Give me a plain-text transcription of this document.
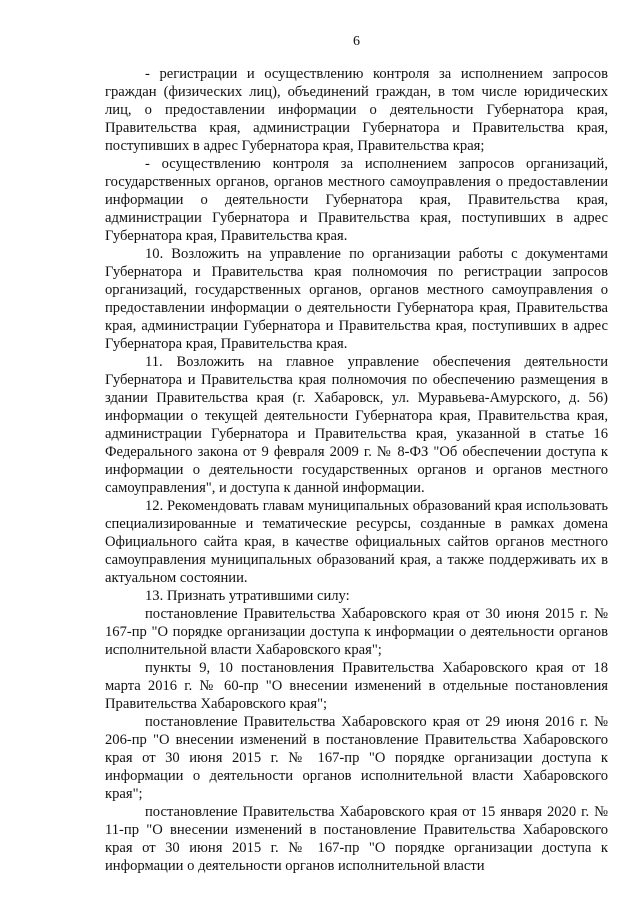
6

- регистрации и осуществлению контроля за исполнением запросов граждан (физических лиц), объединений граждан, в том числе юридических лиц, о предоставлении информации о деятельности Губернатора края, Правительства края, администрации Губернатора и Правительства края, поступивших в адрес Губернатора края, Правительства края;

- осуществлению контроля за исполнением запросов организаций, государственных органов, органов местного самоуправления о предоставлении информации о деятельности Губернатора края, Правительства края, администрации Губернатора и Правительства края, поступивших в адрес Губернатора края, Правительства края.

10. Возложить на управление по организации работы с документами Губернатора и Правительства края полномочия по регистрации запросов организаций, государственных органов, органов местного самоуправления о предоставлении информации о деятельности Губернатора края, Правительства края, администрации Губернатора и Правительства края, поступивших в адрес Губернатора края, Правительства края.

11. Возложить на главное управление обеспечения деятельности Губернатора и Правительства края полномочия по обеспечению размещения в здании Правительства края (г. Хабаровск, ул. Муравьева-Амурского, д. 56) информации о текущей деятельности Губернатора края, Правительства края, администрации Губернатора и Правительства края, указанной в статье 16 Федерального закона от 9 февраля 2009 г. № 8-ФЗ "Об обеспечении доступа к информации о деятельности государственных органов и органов местного самоуправления", и доступа к данной информации.

12. Рекомендовать главам муниципальных образований края использовать специализированные и тематические ресурсы, созданные в рамках домена Официального сайта края, в качестве официальных сайтов органов местного самоуправления муниципальных образований края, а также поддерживать их в актуальном состоянии.

13. Признать утратившими силу:

постановление Правительства Хабаровского края от 30 июня 2015 г. № 167-пр "О порядке организации доступа к информации о деятельности органов исполнительной власти Хабаровского края";

пункты 9, 10 постановления Правительства Хабаровского края от 18 марта 2016 г. № 60-пр "О внесении изменений в отдельные постановления Правительства Хабаровского края";

постановление Правительства Хабаровского края от 29 июня 2016 г. № 206-пр "О внесении изменений в постановление Правительства Хабаровского края от 30 июня 2015 г. № 167-пр "О порядке организации доступа к информации о деятельности органов исполнительной власти Хабаровского края";

постановление Правительства Хабаровского края от 15 января 2020 г. № 11-пр "О внесении изменений в постановление Правительства Хабаровского края от 30 июня 2015 г. № 167-пр "О порядке организации доступа к информации о деятельности органов исполнительной власти
